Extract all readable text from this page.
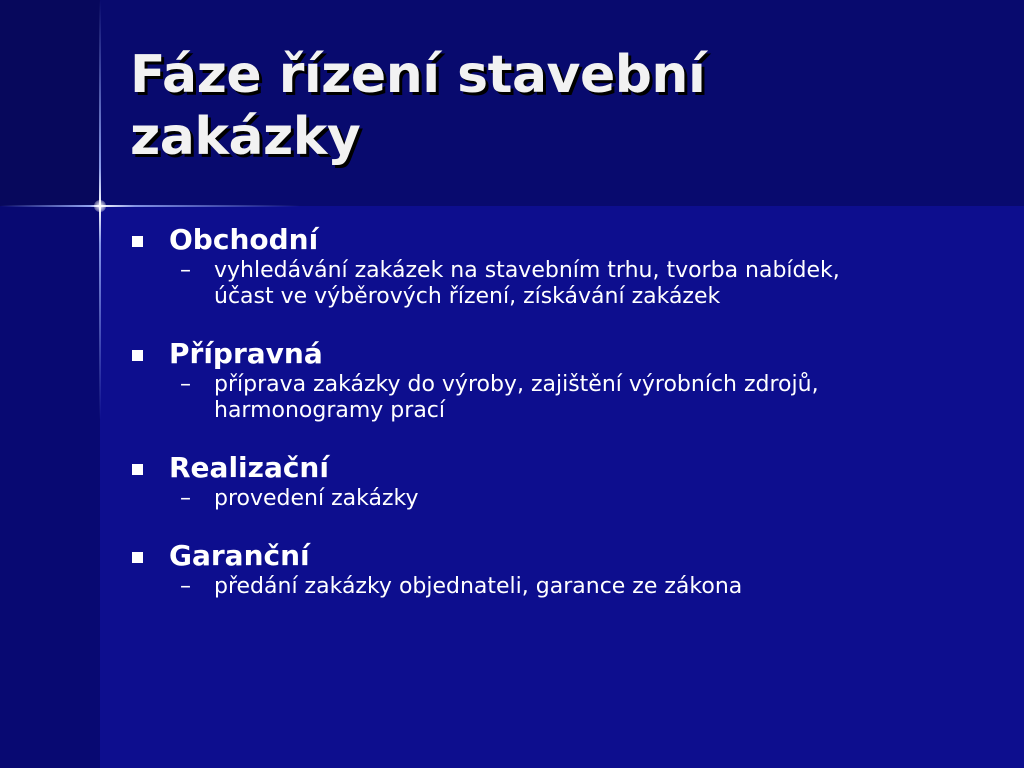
Fáze řízení stavební
zakázky
Obchodní
– vyhledávání zakázek na stavebním trhu, tvorba nabídek,
účast ve výběrových řízení, získávání zakázek
Přípravná
– příprava zakázky do výroby, zajištění výrobních zdrojů,
harmonogramy prací
Realizační
– provedení zakázky
Garanční
– předání zakázky objednateli, garance ze zákona
